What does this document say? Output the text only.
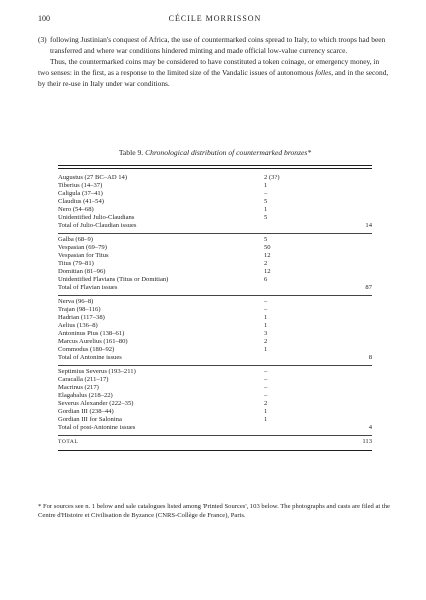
100	CÉCILE MORRISSON
(3) following Justinian's conquest of Africa, the use of countermarked coins spread to Italy, to which troops had been transferred and where war conditions hindered minting and made official low-value currency scarce.

Thus, the countermarked coins may be considered to have constituted a token coinage, or emergency money, in two senses: in the first, as a response to the limited size of the Vandalic issues of autonomous folles, and in the second, by their re-use in Italy under war conditions.

Table 9. Chronological distribution of countermarked bronzes*
Augustus (27 BC–AD 14)	2 (3?)
Tiberius (14–37)	1
Caligula (37–41)	–
Claudius (41–54)	5
Nero (54–68)	1
Unidentified Julio-Claudians	5
Total of Julio-Claudian issues	14
Galba (68–9)	5
Vespasian (69–79)	50
Vespasian for Titus	12
Titus (79–81)	2
Domitian (81–96)	12
Unidentified Flavians (Titus or Domitian)	6
Total of Flavian issues	87
Nerva (96–8)	–
Trajan (98–116)	–
Hadrian (117–38)	1
Aelius (136–8)	1
Antoninus Pius (138–61)	3
Marcus Aurelius (161–80)	2
Commodus (180–92)	1
Total of Antonine issues	8
Septimius Severus (193–211)	–
Caracalla (211–17)	–
Macrinus (217)	–
Elagabalus (218–22)	–
Severus Alexander (222–35)	2
Gordian III (238–44)	1
Gordian III for Salonina	1
Total of post-Antonine issues	4
TOTAL	113
* For sources see n. 1 below and sale catalogues listed among 'Printed Sources', 103 below. The photographs and casts are filed at the Centre d'Histoire et Civilisation de Byzance (CNRS-Collège de France), Paris.
